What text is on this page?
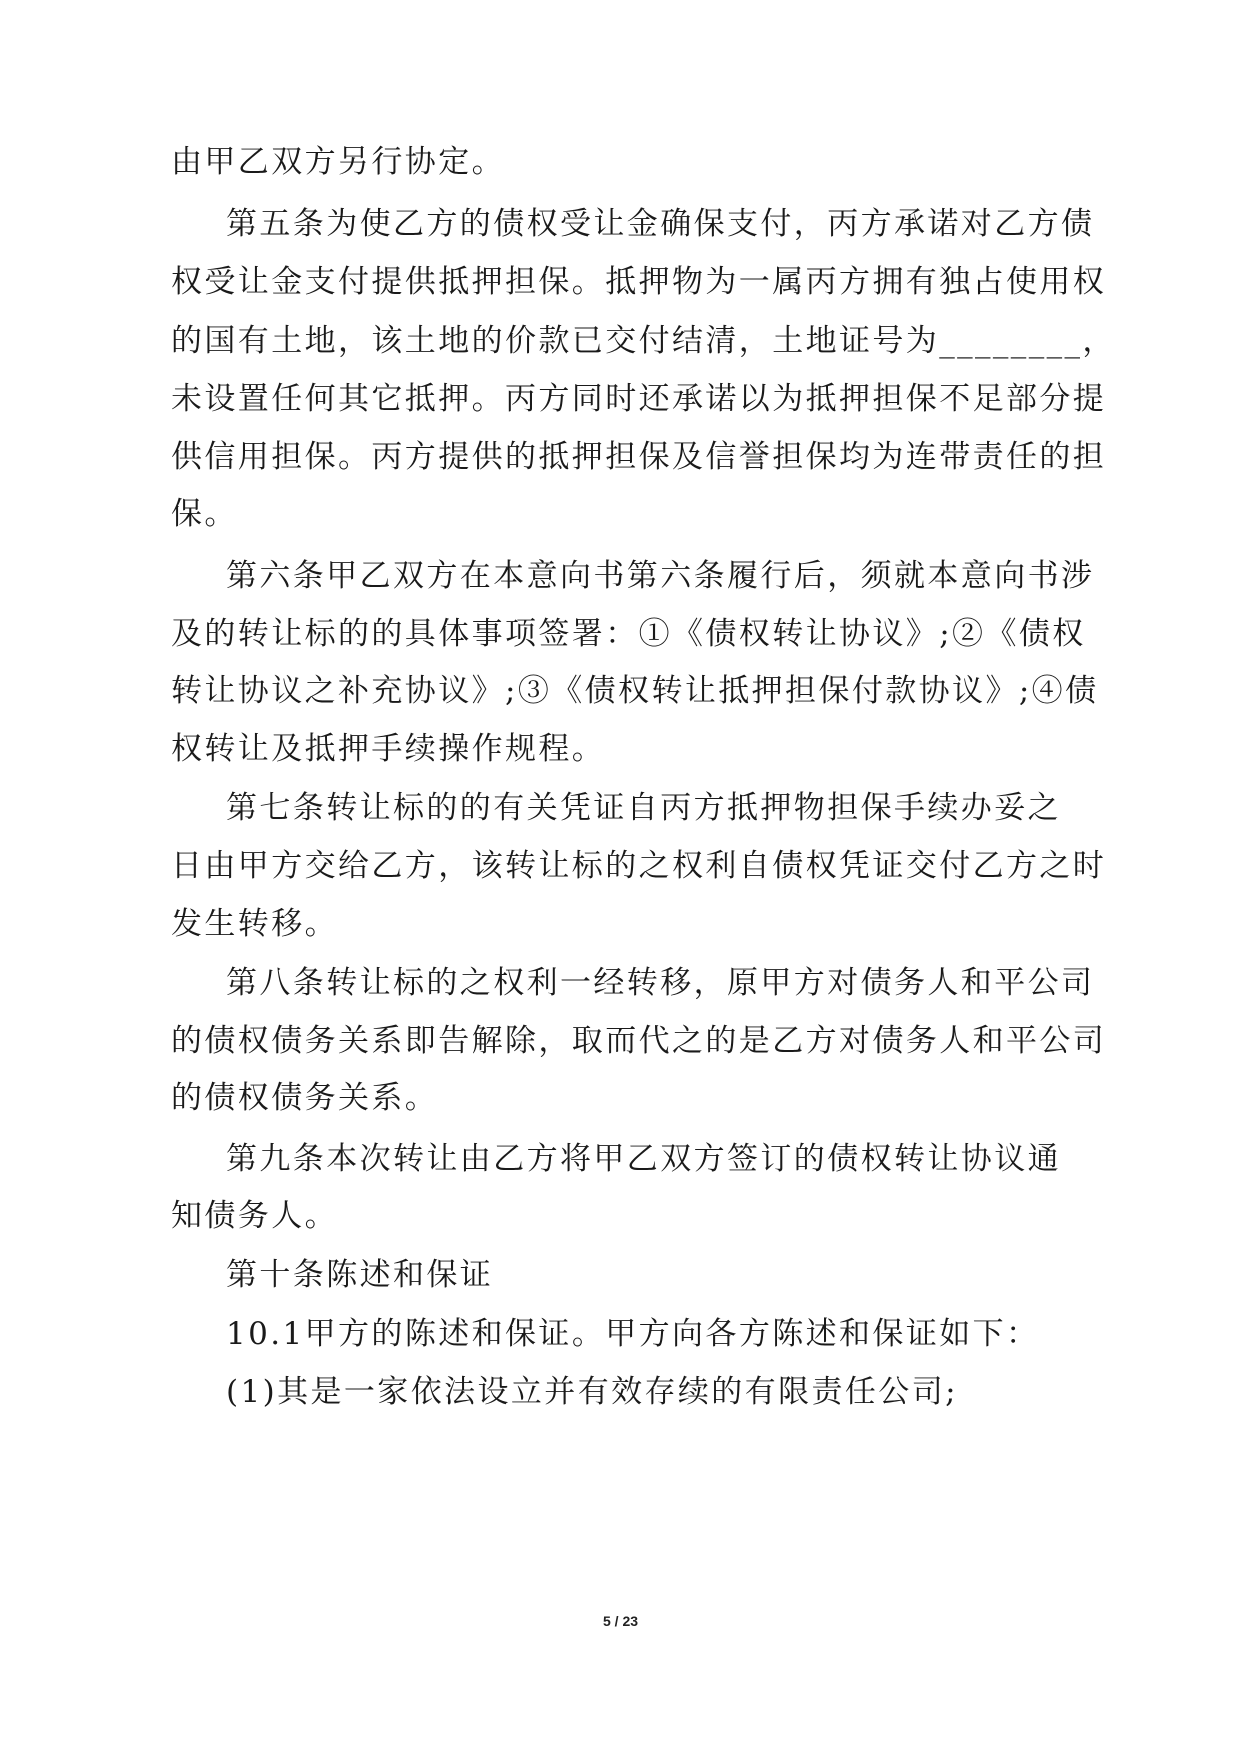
由甲乙双方另行协定。
第五条为使乙方的债权受让金确保支付，丙方承诺对乙方债
权受让金支付提供抵押担保。抵押物为一属丙方拥有独占使用权
的国有土地，该土地的价款已交付结清，土地证号为________，
未设置任何其它抵押。丙方同时还承诺以为抵押担保不足部分提
供信用担保。丙方提供的抵押担保及信誉担保均为连带责任的担
保。
第六条甲乙双方在本意向书第六条履行后，须就本意向书涉
及的转让标的的具体事项签署：①《债权转让协议》;②《债权
转让协议之补充协议》;③《债权转让抵押担保付款协议》;④债
权转让及抵押手续操作规程。
第七条转让标的的有关凭证自丙方抵押物担保手续办妥之
日由甲方交给乙方，该转让标的之权利自债权凭证交付乙方之时
发生转移。
第八条转让标的之权利一经转移，原甲方对债务人和平公司
的债权债务关系即告解除，取而代之的是乙方对债务人和平公司
的债权债务关系。
第九条本次转让由乙方将甲乙双方签订的债权转让协议通
知债务人。
第十条陈述和保证
10.1甲方的陈述和保证。甲方向各方陈述和保证如下：
(1)其是一家依法设立并有效存续的有限责任公司;
5 / 23
